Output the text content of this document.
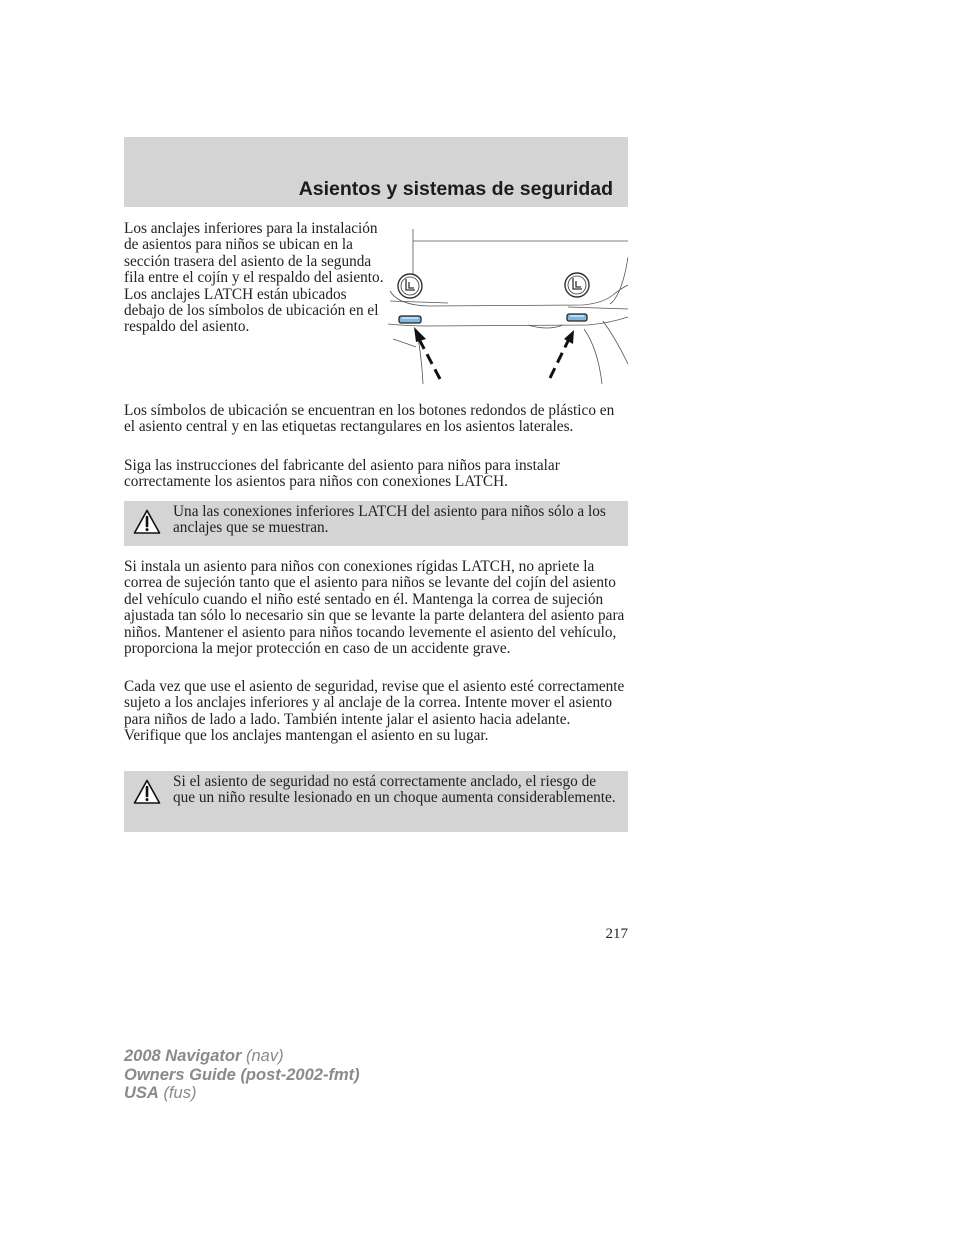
Asientos y sistemas de seguridad

Los anclajes inferiores para la instalación de asientos para niños se ubican en la sección trasera del asiento de la segunda fila entre el cojín y el respaldo del asiento. Los anclajes LATCH están ubicados debajo de los símbolos de ubicación en el respaldo del asiento.

Los símbolos de ubicación se encuentran en los botones redondos de plástico en el asiento central y en las etiquetas rectangulares en los asientos laterales.

Siga las instrucciones del fabricante del asiento para niños para instalar correctamente los asientos para niños con conexiones LATCH.

Una las conexiones inferiores LATCH del asiento para niños sólo a los anclajes que se muestran.

Si instala un asiento para niños con conexiones rígidas LATCH, no apriete la correa de sujeción tanto que el asiento para niños se levante del cojín del asiento del vehículo cuando el niño esté sentado en él. Mantenga la correa de sujeción ajustada tan sólo lo necesario sin que se levante la parte delantera del asiento para niños. Mantener el asiento para niños tocando levemente el asiento del vehículo, proporciona la mejor protección en caso de un accidente grave.

Cada vez que use el asiento de seguridad, revise que el asiento esté correctamente sujeto a los anclajes inferiores y al anclaje de la correa. Intente mover el asiento para niños de lado a lado. También intente jalar el asiento hacia adelante. Verifique que los anclajes mantengan el asiento en su lugar.

Si el asiento de seguridad no está correctamente anclado, el riesgo de que un niño resulte lesionado en un choque aumenta considerablemente.

217
2008 Navigator (nav)
Owners Guide (post-2002-fmt)
USA (fus)
